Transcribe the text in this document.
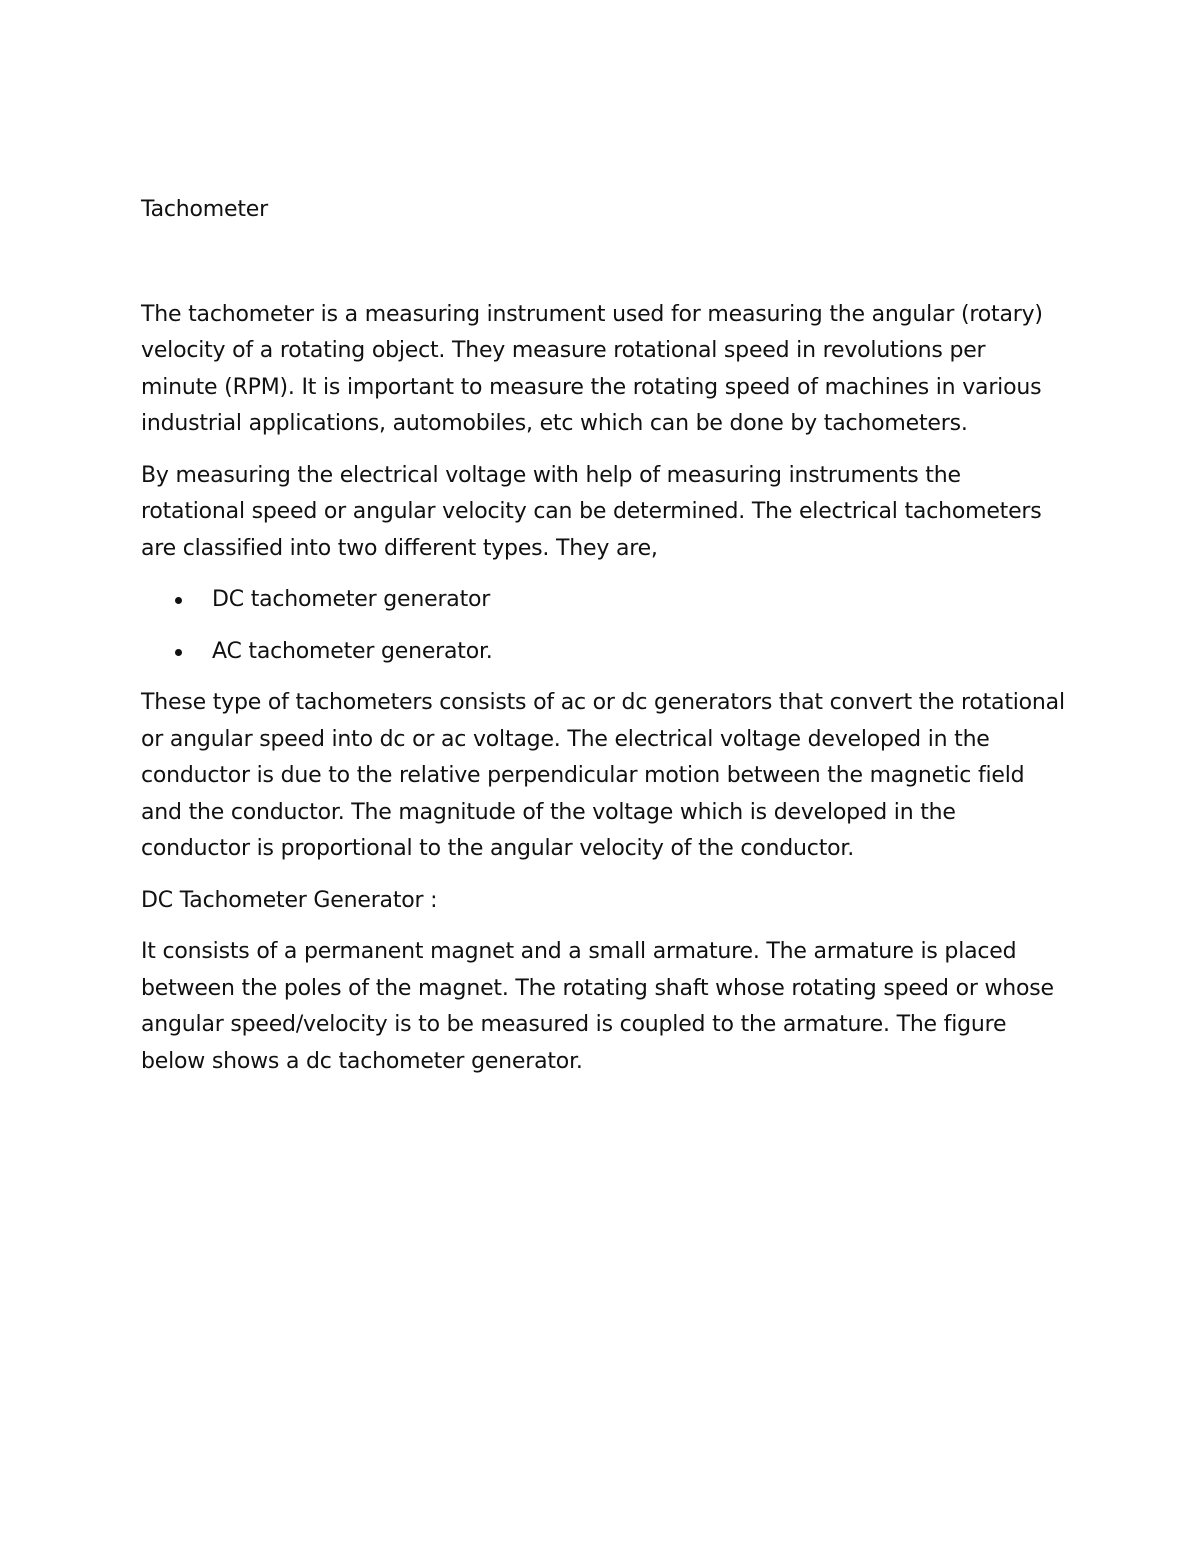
Tachometer

The tachometer is a measuring instrument used for measuring the angular (rotary) velocity of a rotating object. They measure rotational speed in revolutions per minute (RPM). It is important to measure the rotating speed of machines in various industrial applications, automobiles, etc which can be done by tachometers.

By measuring the electrical voltage with help of measuring instruments the rotational speed or angular velocity can be determined. The electrical tachometers are classified into two different types. They are,

DC tachometer generator
AC tachometer generator.

These type of tachometers consists of ac or dc generators that convert the rotational or angular speed into dc or ac voltage. The electrical voltage developed in the conductor is due to the relative perpendicular motion between the magnetic field and the conductor. The magnitude of the voltage which is developed in the conductor is proportional to the angular velocity of the conductor.

DC Tachometer Generator :

It consists of a permanent magnet and a small armature. The armature is placed between the poles of the magnet. The rotating shaft whose rotating speed or whose angular speed/velocity is to be measured is coupled to the armature. The figure below shows a dc tachometer generator.
